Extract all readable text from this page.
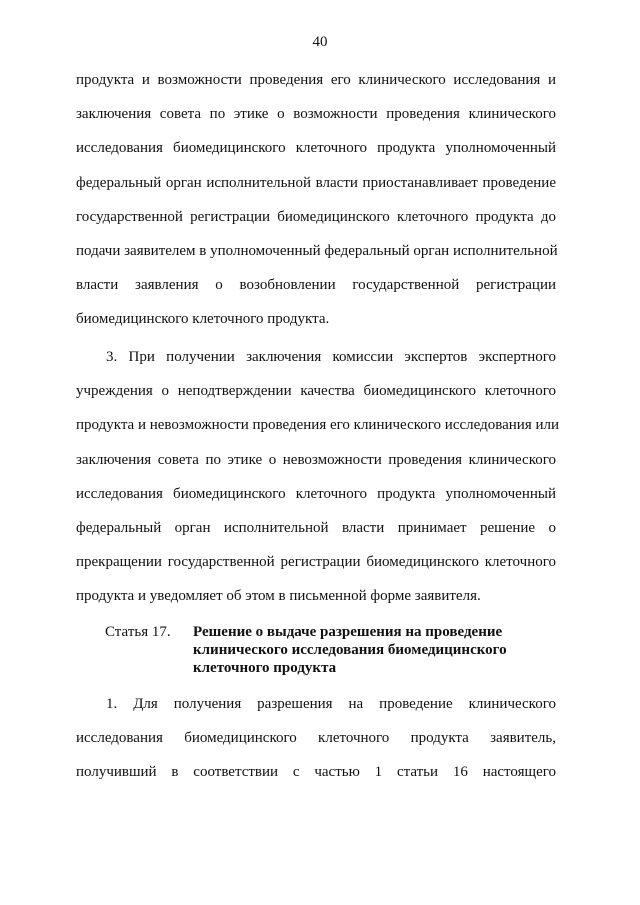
40
продукта и возможности проведения его клинического исследования и
заключения совета по этике о возможности проведения клинического
исследования биомедицинского клеточного продукта уполномоченный
федеральный орган исполнительной власти приостанавливает проведение
государственной регистрации биомедицинского клеточного продукта до
подачи заявителем в уполномоченный федеральный орган исполнительной
власти заявления о возобновлении государственной регистрации
биомедицинского клеточного продукта.
3. При получении заключения комиссии экспертов экспертного
учреждения о неподтверждении качества биомедицинского клеточного
продукта и невозможности проведения его клинического исследования или
заключения совета по этике о невозможности проведения клинического
исследования биомедицинского клеточного продукта уполномоченный
федеральный орган исполнительной власти принимает решение о
прекращении государственной регистрации биомедицинского клеточного
продукта и уведомляет об этом в письменной форме заявителя.
Статья 17.	Решение о выдаче разрешения на проведение
клинического исследования биомедицинского
клеточного продукта
1. Для получения разрешения на проведение клинического
исследования биомедицинского клеточного продукта заявитель,
получивший в соответствии с частью 1 статьи 16 настоящего
